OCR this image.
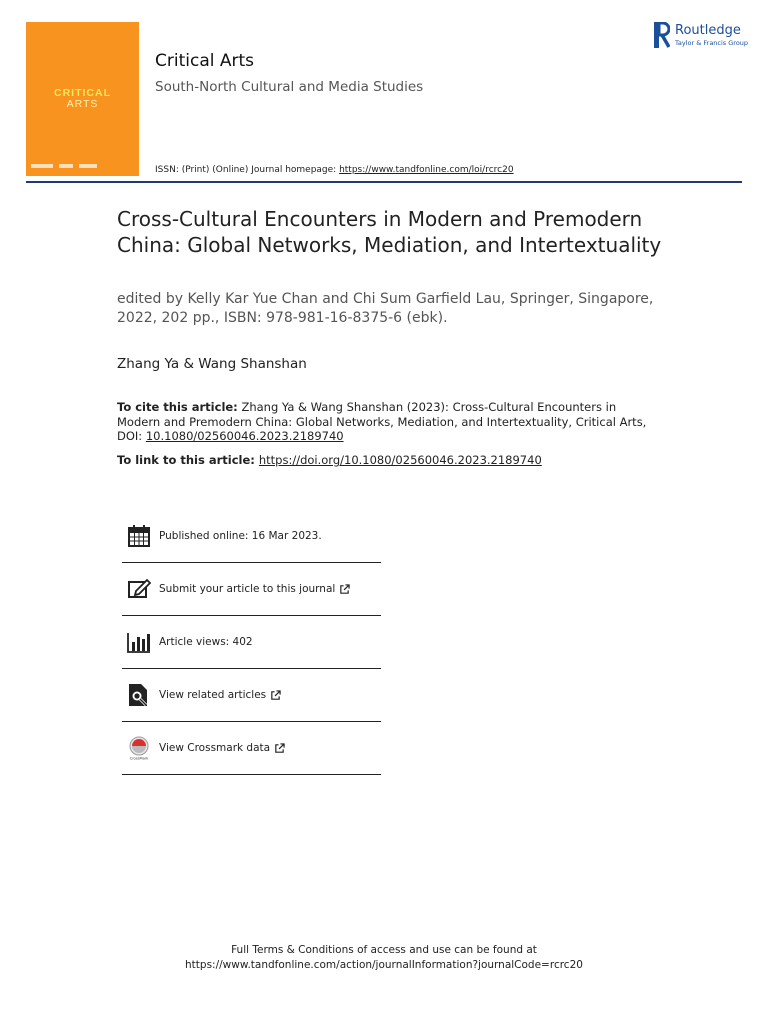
CRITICAL
ARTS
Critical Arts
South-North Cultural and Media Studies
ISSN: (Print) (Online) Journal homepage: https://www.tandfonline.com/loi/rcrc20
Routledge
Taylor & Francis Group
Cross-Cultural Encounters in Modern and Premodern China: Global Networks, Mediation, and Intertextuality
edited by Kelly Kar Yue Chan and Chi Sum Garfield Lau, Springer, Singapore, 2022, 202 pp., ISBN: 978-981-16-8375-6 (ebk).
Zhang Ya & Wang Shanshan
To cite this article: Zhang Ya & Wang Shanshan (2023): Cross-Cultural Encounters in Modern and Premodern China: Global Networks, Mediation, and Intertextuality, Critical Arts, DOI: 10.1080/02560046.2023.2189740
To link to this article: https://doi.org/10.1080/02560046.2023.2189740
Published online: 16 Mar 2023.
Submit your article to this journal
Article views: 402
View related articles
CrossMark
View Crossmark data
Full Terms & Conditions of access and use can be found at
https://www.tandfonline.com/action/journalInformation?journalCode=rcrc20
